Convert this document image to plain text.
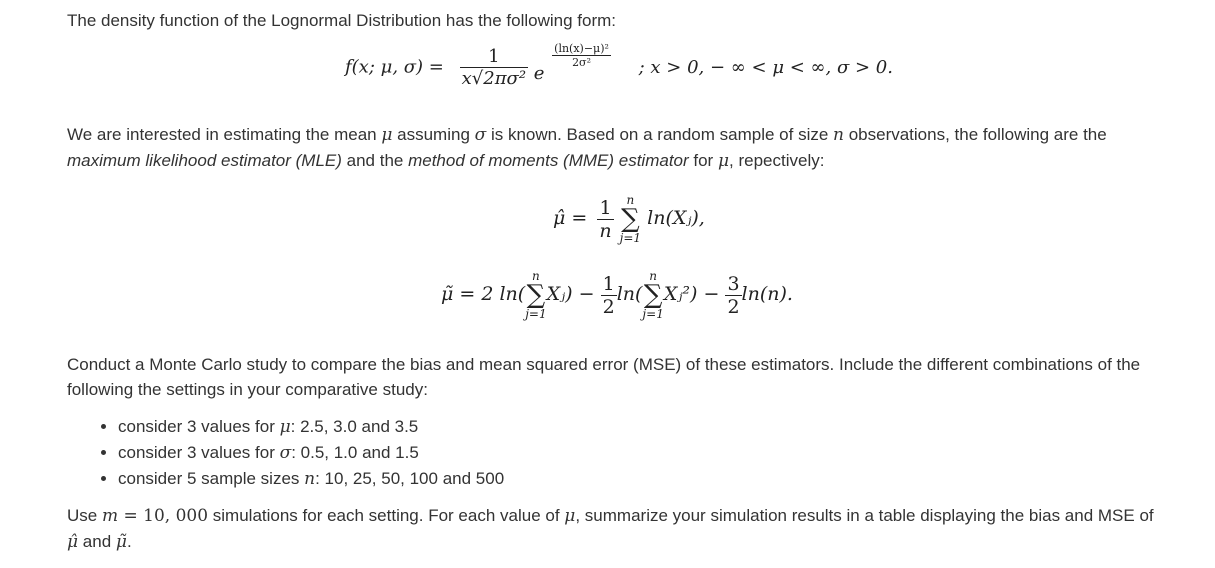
The density function of the Lognormal Distribution has the following form:

f(x; μ, $\sigma) = \frac{1}{\text{x√2πσ²}}$ e
$\frac{\text{(ln(x)−μ)²}}{\text{2σ²}}$ ; x > 0, − ∞ < μ < ∞, σ > 0.

We are interested in estimating the mean μ assuming σ is known. Based on a random sample of size n observations, the following are the
maximum likelihood estimator (MLE) and the method of moments (MME) estimator for μ, repectively:

μ̂ = $\frac{1}{n}$
	n
∑
j=1
ln(Xⱼ),
μ̃ = 2 ln(
n
∑
j=1
Xⱼ) − $\frac{1}{2} \ln$(
n
∑
j=1
Xⱼ²) − $\frac{3}{2} \ln(n)$.

Conduct a Monte Carlo study to compare the bias and mean squared error (MSE) of these estimators. Include the different combinations of the following the settings in your comparative study:

• consider 3 values for μ: 2.5, 3.0 and 3.5
• consider 3 values for σ: 0.5, 1.0 and 1.5
• consider 5 sample sizes n: 10, 25, 50, 100 and 500

Use m = 10, 000 simulations for each setting. For each value of μ, summarize your simulation results in a table displaying the bias and MSE of
μ̂ and μ̃.
